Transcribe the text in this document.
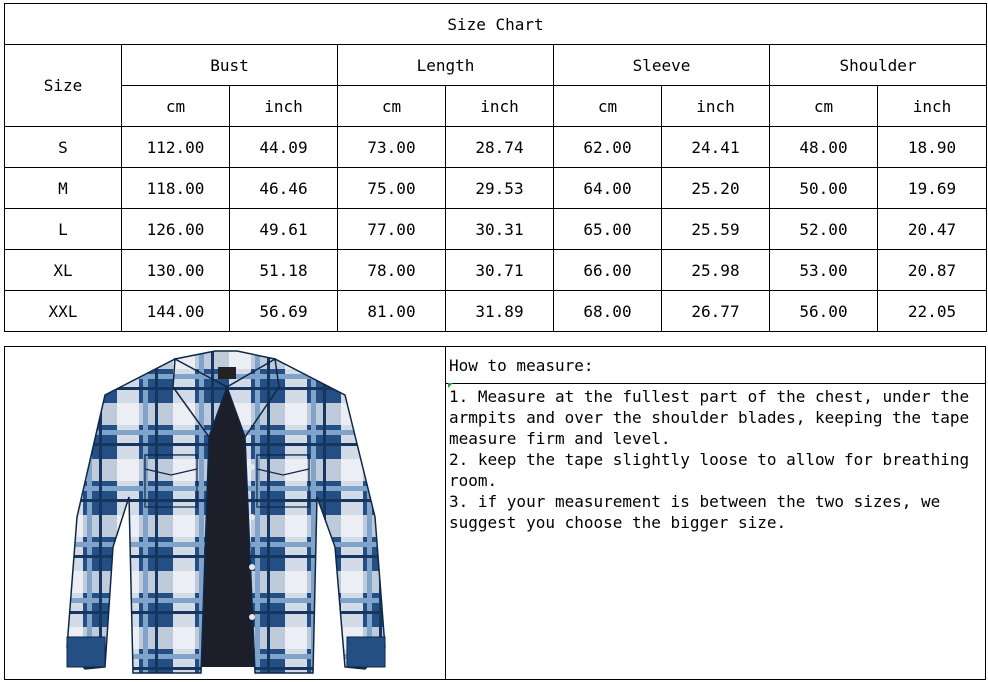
Size Chart								
Size	Bust		Length		Sleeve		Shoulder	
	cm	inch	cm	inch	cm	inch	cm	inch
S	112.00	44.09	73.00	28.74	62.00	24.41	48.00	18.90
M	118.00	46.46	75.00	29.53	64.00	25.20	50.00	19.69
L	126.00	49.61	77.00	30.31	65.00	25.59	52.00	20.47
XL	130.00	51.18	78.00	30.71	66.00	25.98	53.00	20.87
XXL	144.00	56.69	81.00	31.89	68.00	26.77	56.00	22.05
How to measure:

1. Measure at the fullest part of the chest, under the armpits and over the shoulder blades, keeping the tape measure firm and level.

2. keep the tape slightly loose to allow for breathing room.

3. if your measurement is between the two sizes, we suggest you choose the bigger size.
